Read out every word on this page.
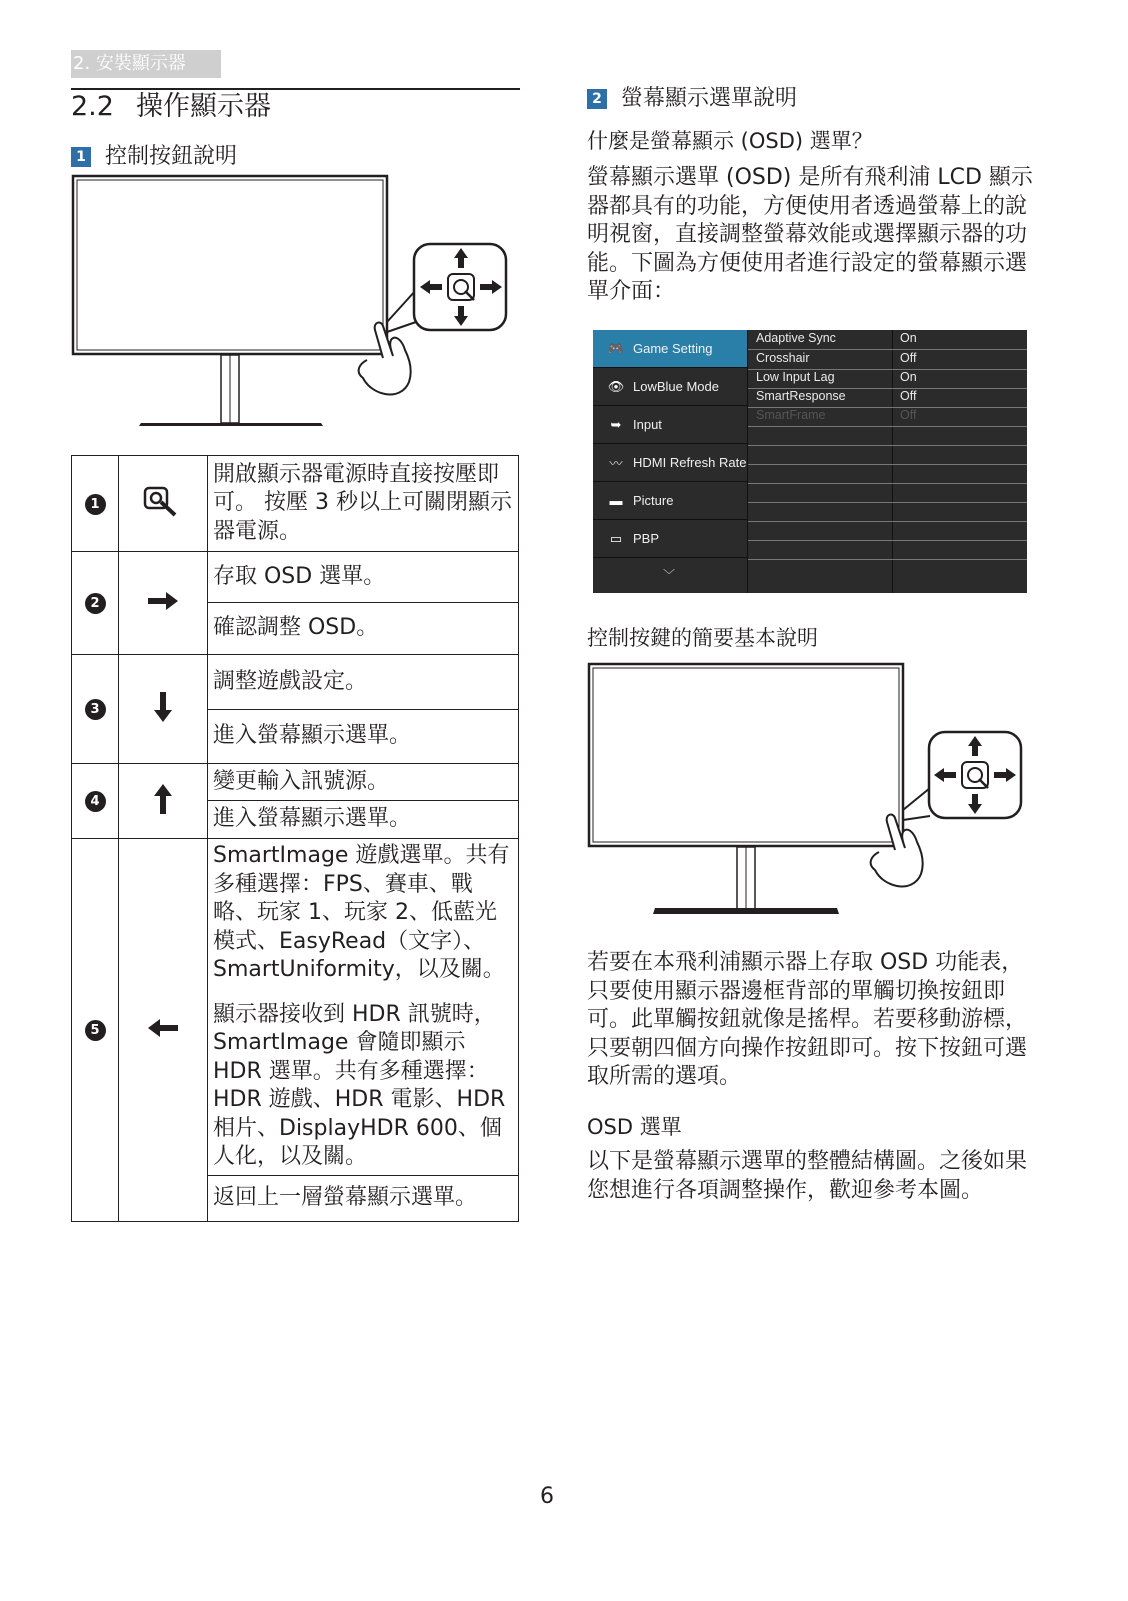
2. 安裝顯示器
2.2 操作顯示器
1 控制按鈕說明
1		開啟顯示器電源時直接按壓即可。 按壓 3 秒以上可關閉顯示器電源。
2		存取 OSD 選單。
		確認調整 OSD。
3		調整遊戲設定。
		進入螢幕顯示選單。
4		變更輸入訊號源。
		進入螢幕顯示選單。
5		SmartImage 遊戲選單。共有多種選擇：FPS、賽車、戰略、玩家 1、玩家 2、低藍光模式、EasyRead（文字）、SmartUniformity，以及關。
		顯示器接收到 HDR 訊號時，SmartImage 會隨即顯示 HDR 選單。共有多種選擇：HDR 遊戲、HDR 電影、HDR 相片、DisplayHDR 600、個人化，以及關。
		返回上一層螢幕顯示選單。
2 螢幕顯示選單說明
什麼是螢幕顯示 (OSD) 選單？
螢幕顯示選單 (OSD) 是所有飛利浦 LCD 顯示器都具有的功能，方便使用者透過螢幕上的說明視窗，直接調整螢幕效能或選擇顯示器的功能。下圖為方便使用者進行設定的螢幕顯示選單介面：
🎮 Game Setting
👁 LowBlue Mode
➥ Input
〰 HDMI Refresh Rate
▬ Picture
▭ PBP
﹀
Adaptive Sync	On
Crosshair	Off
Low Input Lag	On
SmartResponse	Off
SmartFrame	Off
控制按鍵的簡要基本說明
若要在本飛利浦顯示器上存取 OSD 功能表，只要使用顯示器邊框背部的單觸切換按鈕即可。此單觸按鈕就像是搖桿。若要移動游標，只要朝四個方向操作按鈕即可。按下按鈕可選取所需的選項。
OSD 選單
以下是螢幕顯示選單的整體結構圖。之後如果您想進行各項調整操作，歡迎參考本圖。
6
